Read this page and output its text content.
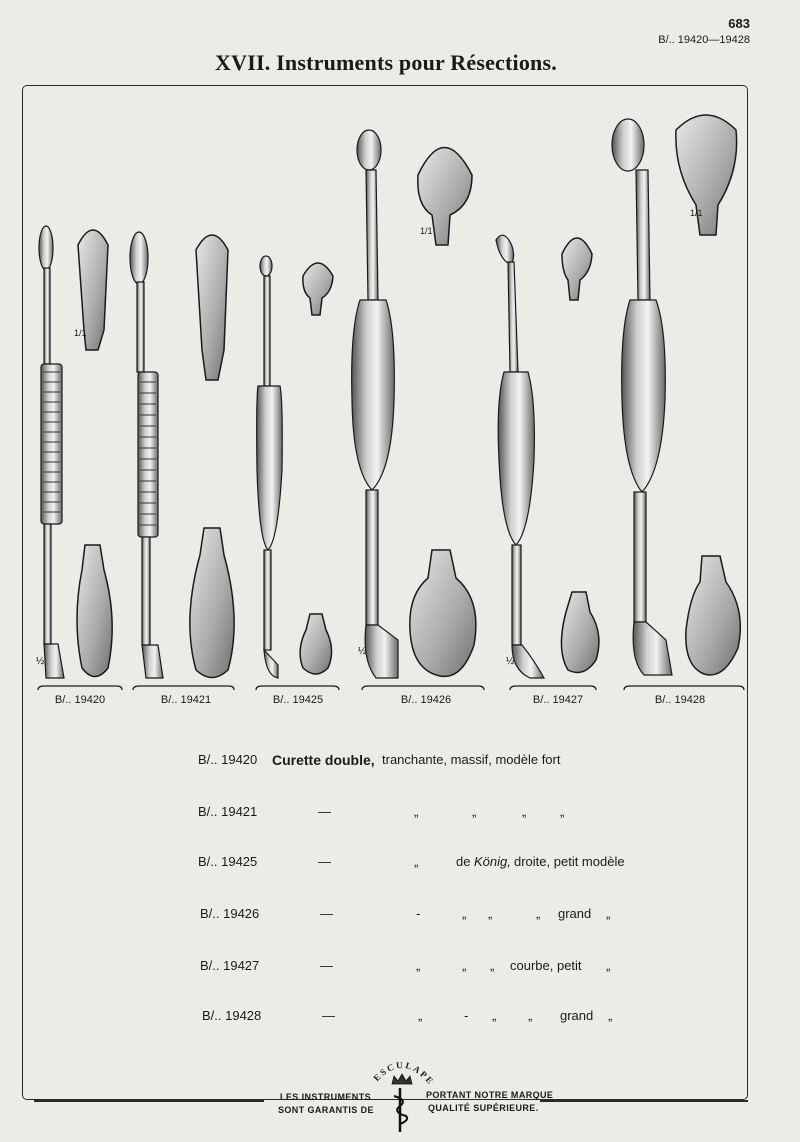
683
B/.. 19420—19428
XVII. Instruments pour Résections.
½
1/1
1/1
½
½
1/1
B/.. 19420	B/.. 19421	B/.. 19425	B/.. 19426	B/.. 19427	B/.. 19428
B/.. 19420	Curette double, tranchante, massif, modèle fort
B/.. 19421	—	„	„	„	„
B/.. 19425	—	„	de König, droite, petit modèle
B/.. 19426	—	-	„ „	„ grand „
B/.. 19427	—	„	„ „ courbe, petit „
B/.. 19428	—	„	- „ „ grand „
ESCULAPE
LES INSTRUMENTS
SONT GARANTIS DE
PORTANT NOTRE MARQUE
QUALITÉ SUPÉRIEURE.
